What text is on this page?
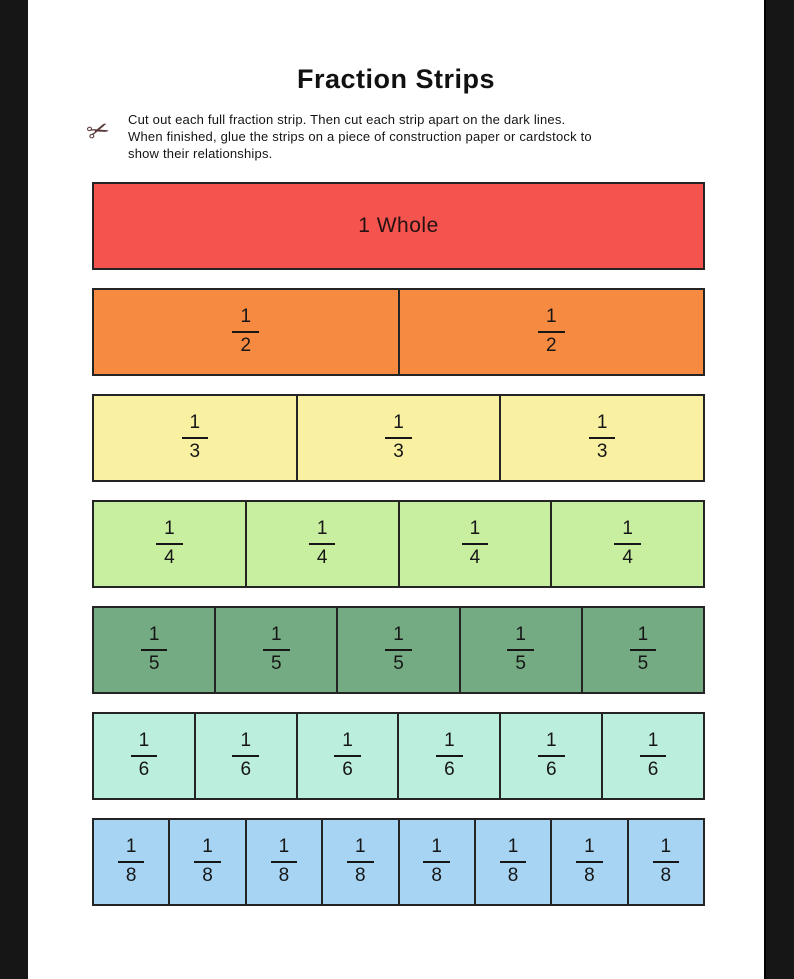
Fraction Strips
✂	Cut out each full fraction strip. Then cut each strip apart on the dark lines.
When finished, glue the strips on a piece of construction paper or cardstock to
show their relationships.
1 Whole
$\frac{1}{2}$	$\frac{1}{2}$
$\frac{1}{3}$	$\frac{1}{3}$	$\frac{1}{3}$
$\frac{1}{4}$	$\frac{1}{4}$	$\frac{1}{4}$	$\frac{1}{4}$
$\frac{1}{5}$	$\frac{1}{5}$	$\frac{1}{5}$	$\frac{1}{5}$	$\frac{1}{5}$
$\frac{1}{6}$	$\frac{1}{6}$	$\frac{1}{6}$	$\frac{1}{6}$	$\frac{1}{6}$	$\frac{1}{6}$
$\frac{1}{8}$	$\frac{1}{8}$	$\frac{1}{8}$	$\frac{1}{8}$	$\frac{1}{8}$	$\frac{1}{8}$	$\frac{1}{8}$	$\frac{1}{8}$
